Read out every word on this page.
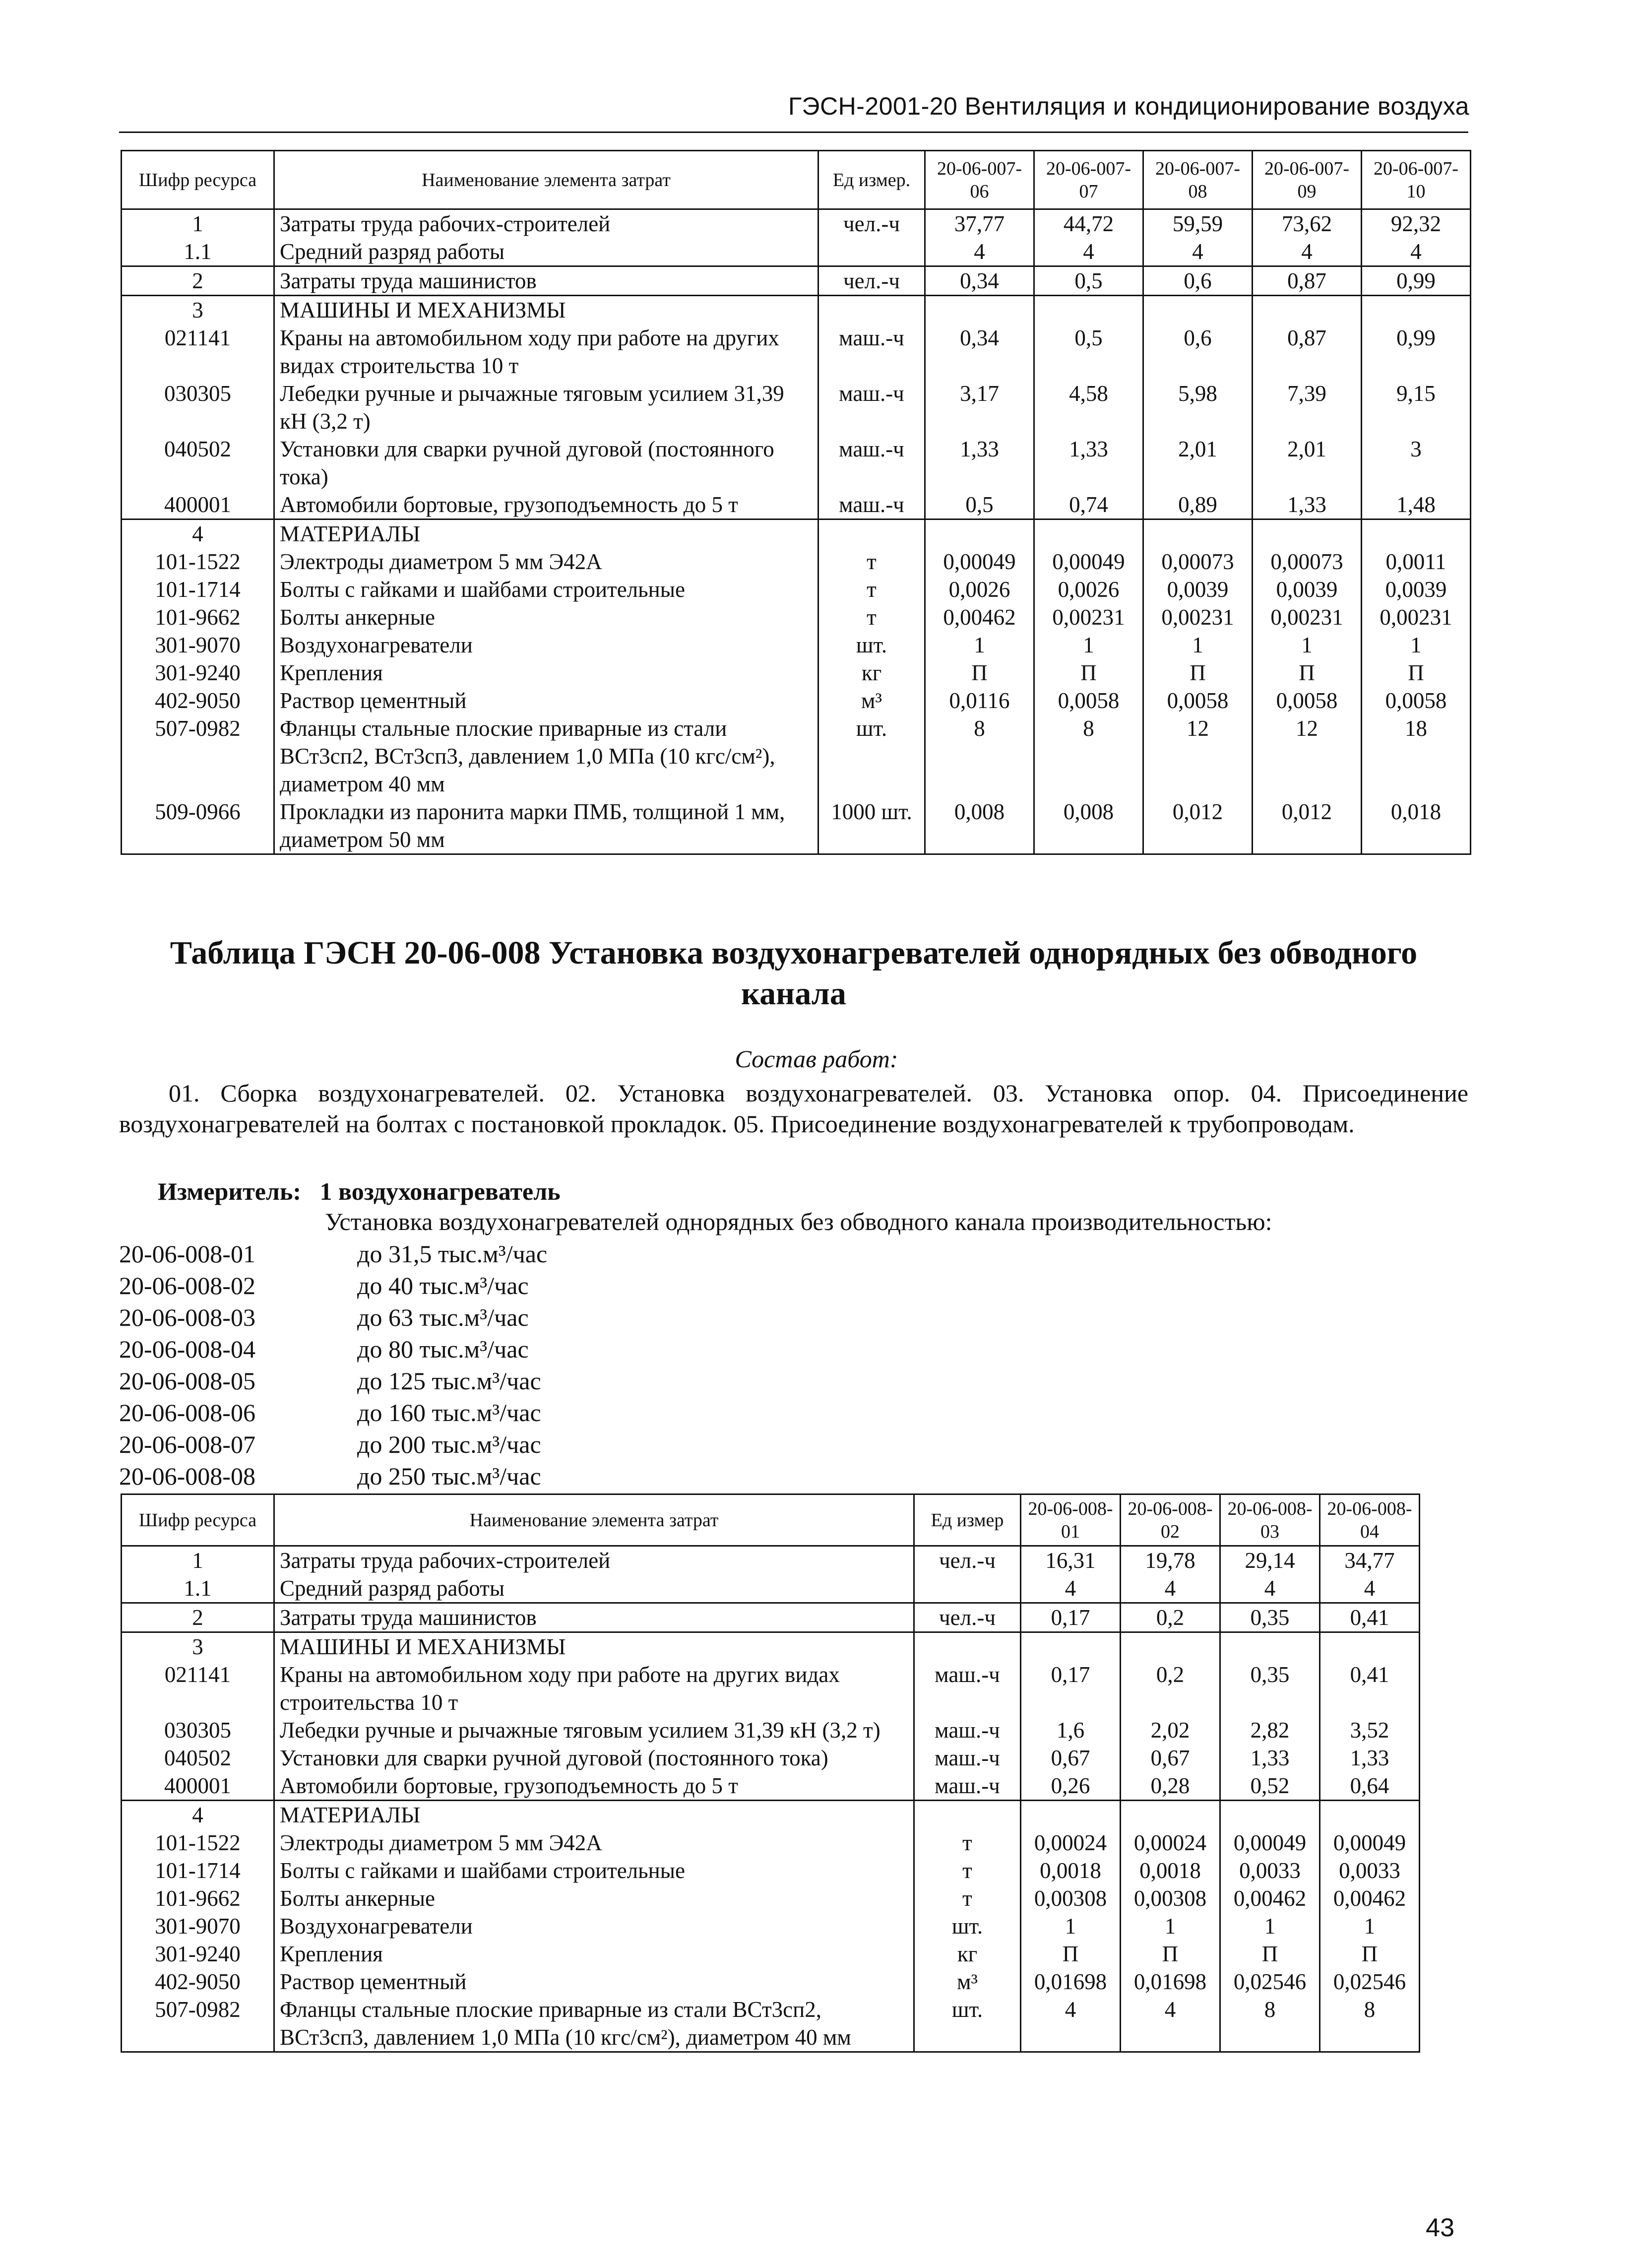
ГЭСН-2001-20 Вентиляция и кондиционирование воздуха
Шифр ресурса	Наименование элемента затрат	Ед измер.	20-06-007-06	20-06-007-07	20-06-007-08	20-06-007-09	20-06-007-10
1	Затраты труда рабочих-строителей	чел.-ч	37,77	44,72	59,59	73,62	92,32
1.1	Средний разряд работы		4	4	4	4	4
2	Затраты труда машинистов	чел.-ч	0,34	0,5	0,6	0,87	0,99
3	МАШИНЫ И МЕХАНИЗМЫ						
021141	Краны на автомобильном ходу при работе на других видах строительства 10 т	маш.-ч	0,34	0,5	0,6	0,87	0,99
030305	Лебедки ручные и рычажные тяговым усилием 31,39 кН (3,2 т)	маш.-ч	3,17	4,58	5,98	7,39	9,15
040502	Установки для сварки ручной дуговой (постоянного тока)	маш.-ч	1,33	1,33	2,01	2,01	3
400001	Автомобили бортовые, грузоподъемность до 5 т	маш.-ч	0,5	0,74	0,89	1,33	1,48
4	МАТЕРИАЛЫ						
101-1522	Электроды диаметром 5 мм Э42А	т	0,00049	0,00049	0,00073	0,00073	0,0011
101-1714	Болты с гайками и шайбами строительные	т	0,0026	0,0026	0,0039	0,0039	0,0039
101-9662	Болты анкерные	т	0,00462	0,00231	0,00231	0,00231	0,00231
301-9070	Воздухонагреватели	шт.	1	1	1	1	1
301-9240	Крепления	кг	П	П	П	П	П
402-9050	Раствор цементный	м³	0,0116	0,0058	0,0058	0,0058	0,0058
507-0982	Фланцы стальные плоские приварные из стали ВСт3сп2, ВСт3сп3, давлением 1,0 МПа (10 кгс/см²), диаметром 40 мм	шт.	8	8	12	12	18
509-0966	Прокладки из паронита марки ПМБ, толщиной 1 мм, диаметром 50 мм	1000 шт.	0,008	0,008	0,012	0,012	0,018
Таблица ГЭСН 20-06-008 Установка воздухонагревателей однорядных без обводного канала
Состав работ:
01. Сборка воздухонагревателей. 02. Установка воздухонагревателей. 03. Установка опор. 04. Присоединение воздухонагревателей на болтах с постановкой прокладок. 05. Присоединение воздухонагревателей к трубопроводам.
Измеритель:   1 воздухонагреватель
Установка воздухонагревателей однорядных без обводного канала производительностью:
20-06-008-01	до 31,5 тыс.м³/час
20-06-008-02	до 40 тыс.м³/час
20-06-008-03	до 63 тыс.м³/час
20-06-008-04	до 80 тыс.м³/час
20-06-008-05	до 125 тыс.м³/час
20-06-008-06	до 160 тыс.м³/час
20-06-008-07	до 200 тыс.м³/час
20-06-008-08	до 250 тыс.м³/час
Шифр ресурса	Наименование элемента затрат	Ед измер	20-06-008-01	20-06-008-02	20-06-008-03	20-06-008-04
1	Затраты труда рабочих-строителей	чел.-ч	16,31	19,78	29,14	34,77
1.1	Средний разряд работы		4	4	4	4
2	Затраты труда машинистов	чел.-ч	0,17	0,2	0,35	0,41
3	МАШИНЫ И МЕХАНИЗМЫ					
021141	Краны на автомобильном ходу при работе на других видах строительства 10 т	маш.-ч	0,17	0,2	0,35	0,41
030305	Лебедки ручные и рычажные тяговым усилием 31,39 кН (3,2 т)	маш.-ч	1,6	2,02	2,82	3,52
040502	Установки для сварки ручной дуговой (постоянного тока)	маш.-ч	0,67	0,67	1,33	1,33
400001	Автомобили бортовые, грузоподъемность до 5 т	маш.-ч	0,26	0,28	0,52	0,64
4	МАТЕРИАЛЫ					
101-1522	Электроды диаметром 5 мм Э42А	т	0,00024	0,00024	0,00049	0,00049
101-1714	Болты с гайками и шайбами строительные	т	0,0018	0,0018	0,0033	0,0033
101-9662	Болты анкерные	т	0,00308	0,00308	0,00462	0,00462
301-9070	Воздухонагреватели	шт.	1	1	1	1
301-9240	Крепления	кг	П	П	П	П
402-9050	Раствор цементный	м³	0,01698	0,01698	0,02546	0,02546
507-0982	Фланцы стальные плоские приварные из стали ВСт3сп2, ВСт3сп3, давлением 1,0 МПа (10 кгс/см²), диаметром 40 мм	шт.	4	4	8	8
43
